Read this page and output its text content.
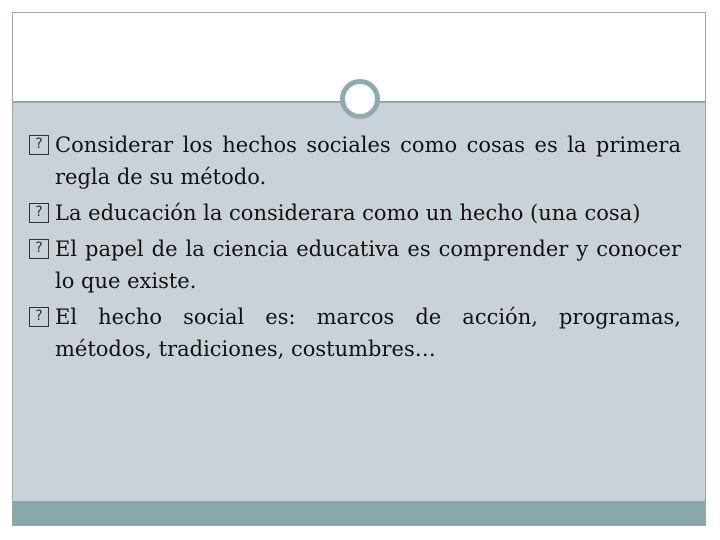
? Considerar los hechos sociales como cosas es la primera regla de su método.
? La educación la considerara como un hecho (una cosa)
? El papel de la ciencia educativa es comprender y conocer lo que existe.
? El hecho social es: marcos de acción, programas, métodos, tradiciones, costumbres…
